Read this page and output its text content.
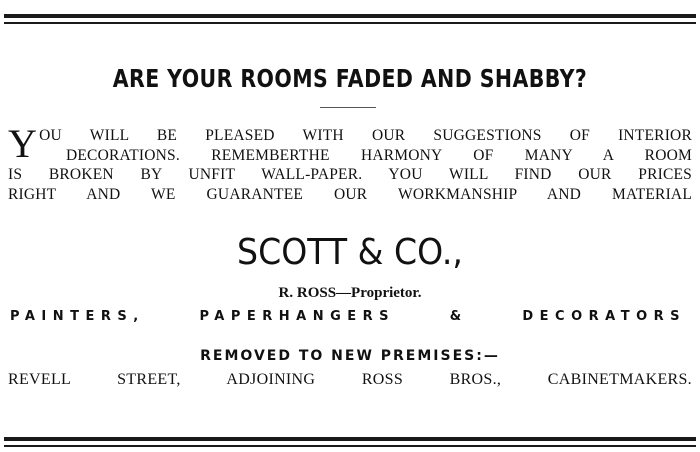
ARE YOUR ROOMS FADED AND SHABBY?
Y OU WILL BE PLEASED WITH OUR SUGGESTIONS OF INTERIOR
DECORATIONS. REMEMBERTHE HARMONY OF MANY A ROOM
IS BROKEN BY UNFIT WALL-PAPER. YOU WILL FIND OUR PRICES
RIGHT AND WE GUARANTEE OUR WORKMANSHIP AND MATERIAL
SCOTT & CO.,
R. ROSS—Proprietor.
PAINTERS,	PAPERHANGERS	&	DECORATORS
REMOVED TO NEW PREMISES:—
REVELL STREET, ADJOINING ROSS BROS., CABINETMAKERS.
